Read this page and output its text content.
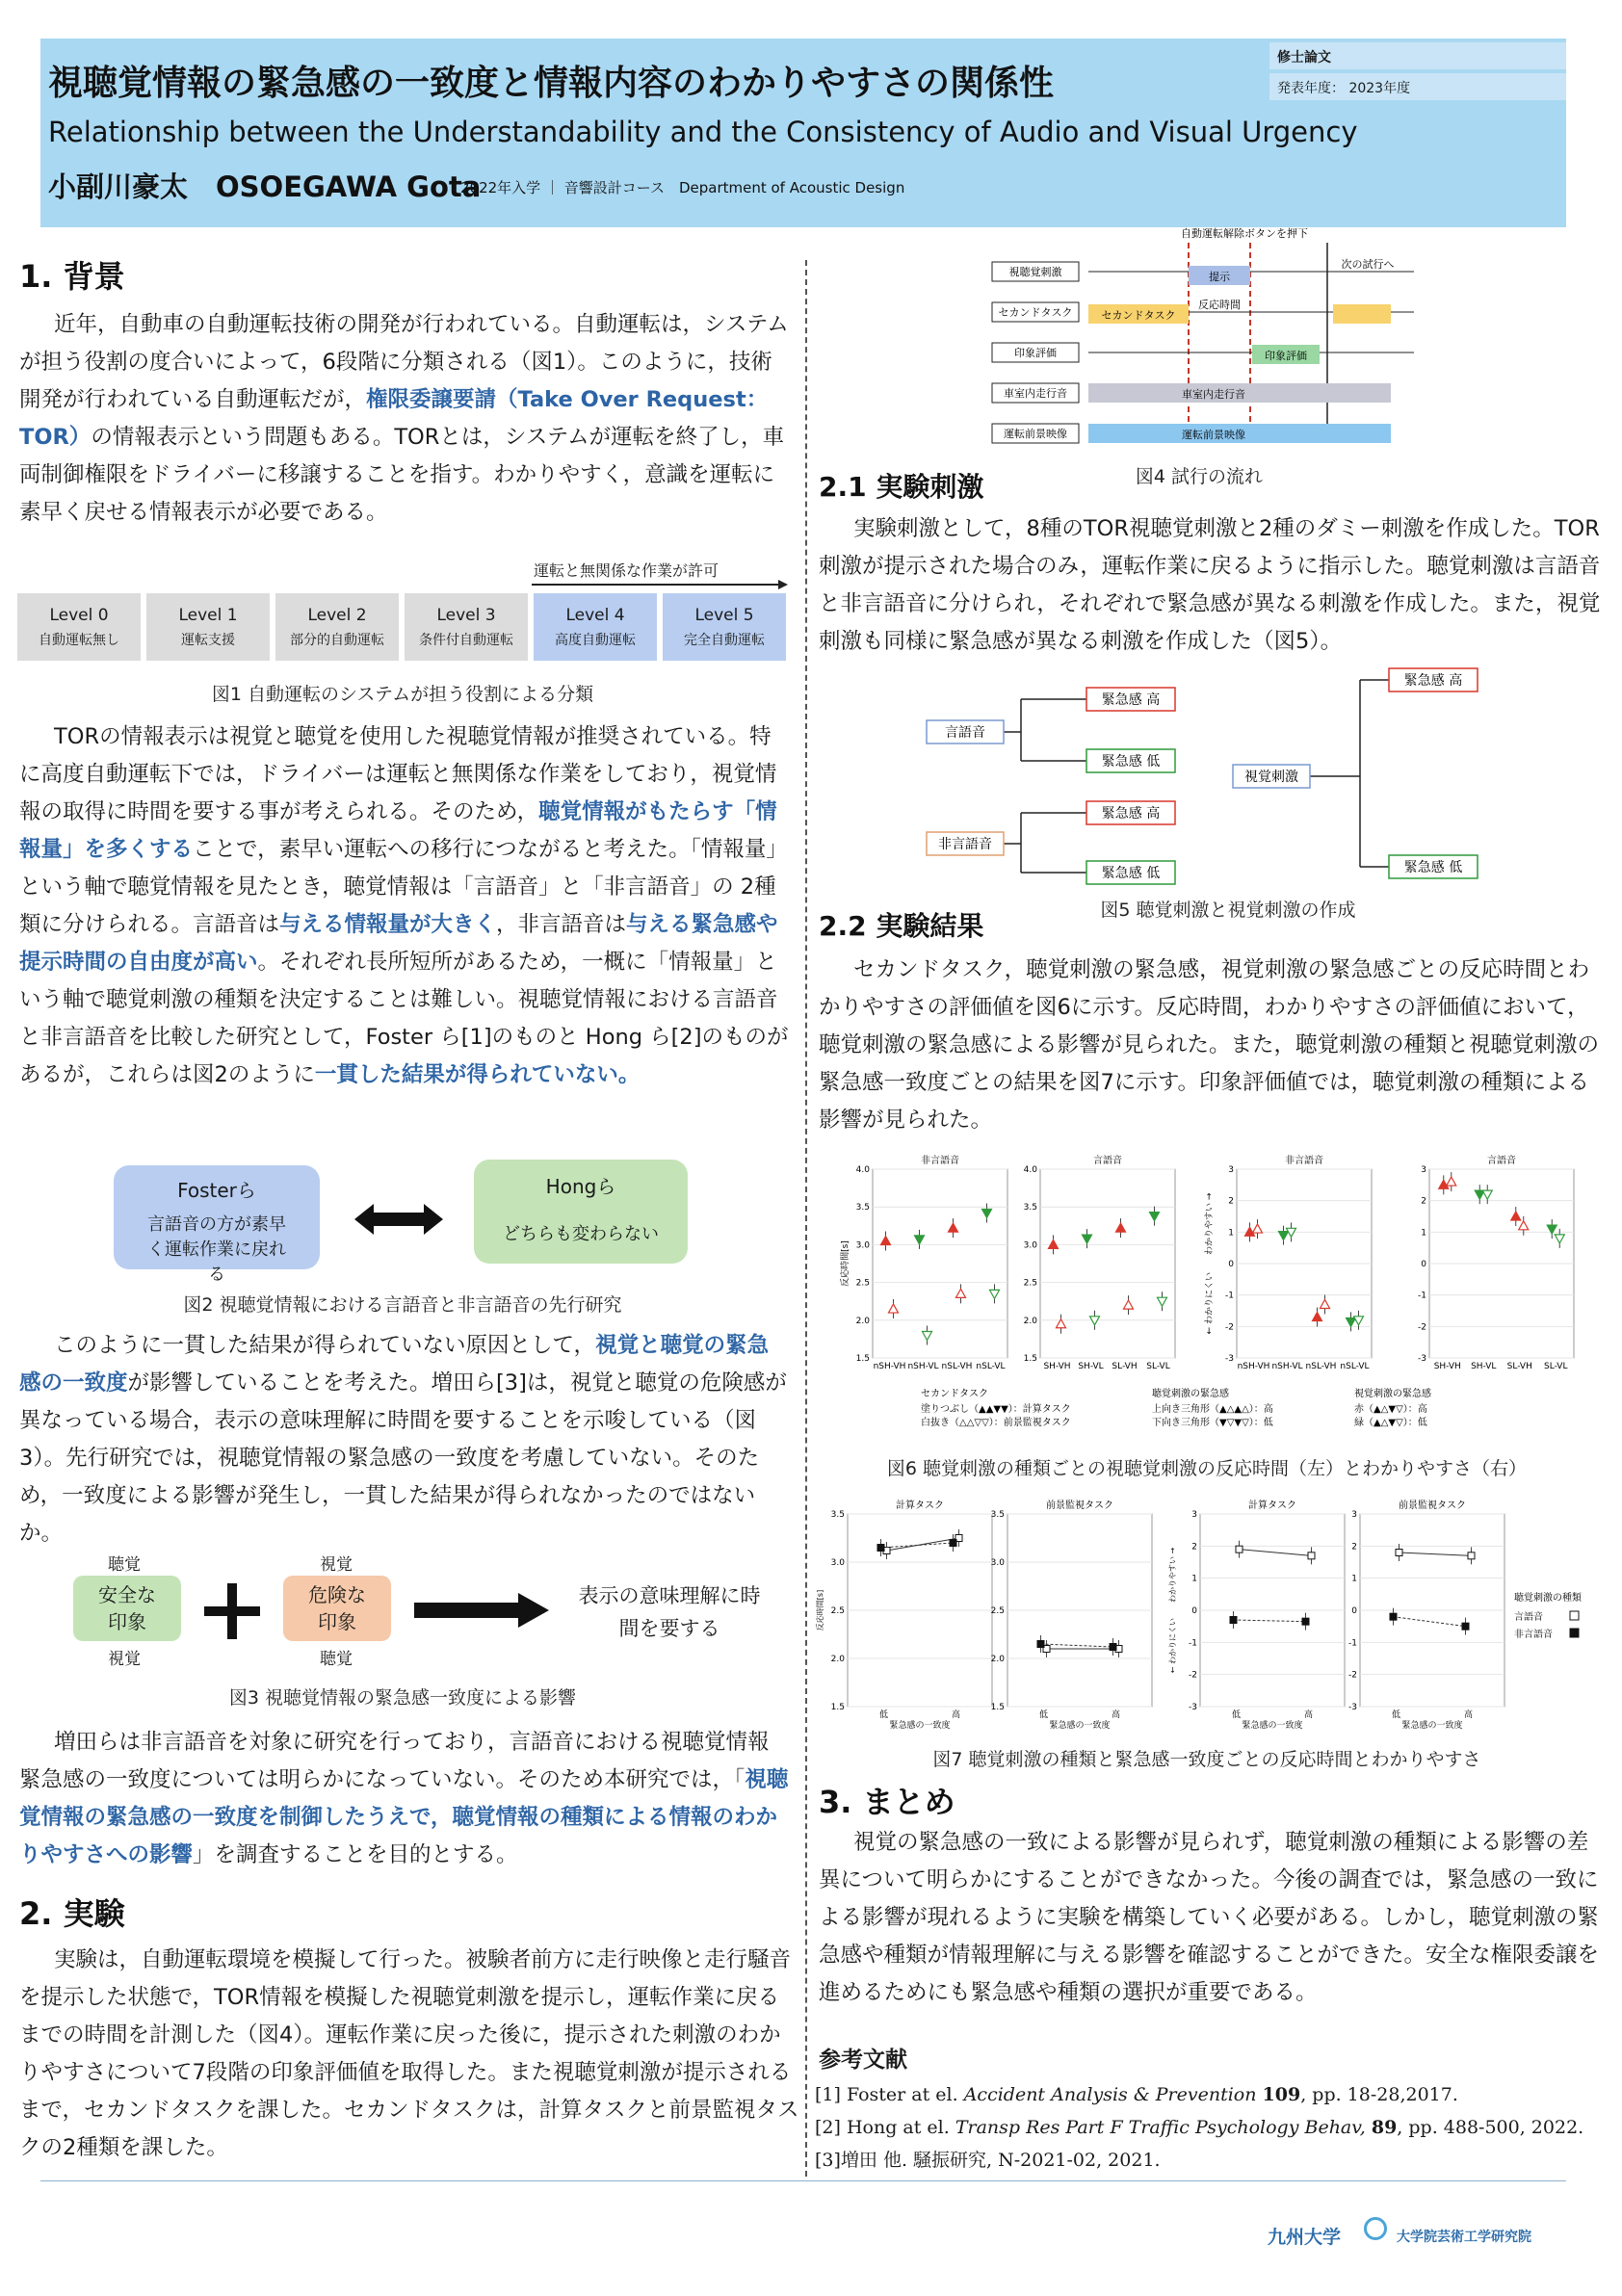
視聴覚情報の緊急感の一致度と情報内容のわかりやすさの関係性
Relationship between the Understandability and the Consistency of Audio and Visual Urgency
小副川豪太　OSOEGAWA Gota
2022年入学 ｜ 音響設計コース　Department of Acoustic Design
修士論文
発表年度： 2023年度
1. 背景
近年，自動車の自動運転技術の開発が行われている。自動運転は，システムが担う役割の度合いによって，6段階に分類される（図1）。このように，技術開発が行われている自動運転だが，権限委譲要請（Take Over Request：TOR）の情報表示という問題もある。TORとは，システムが運転を終了し，車両制御権限をドライバーに移譲することを指す。わかりやすく，意識を運転に素早く戻せる情報表示が必要である。
運転と無関係な作業が許可
Level 0
自動運転無し
Level 1
運転支援
Level 2
部分的自動運転
Level 3
条件付自動運転
Level 4
高度自動運転
Level 5
完全自動運転
図1 自動運転のシステムが担う役割による分類
TORの情報表示は視覚と聴覚を使用した視聴覚情報が推奨されている。特に高度自動運転下では，ドライバーは運転と無関係な作業をしており，視覚情報の取得に時間を要する事が考えられる。そのため，聴覚情報がもたらす「情報量」を多くすることで，素早い運転への移行につながると考えた。「情報量」という軸で聴覚情報を見たとき，聴覚情報は「言語音」と「非言語音」の 2種類に分けられる。言語音は与える情報量が大きく，非言語音は与える緊急感や提示時間の自由度が高い。それぞれ長所短所があるため，一概に「情報量」という軸で聴覚刺激の種類を決定することは難しい。視聴覚情報における言語音と非言語音を比較した研究として，Foster ら[1]のものと Hong ら[2]のものがあるが，これらは図2のように一貫した結果が得られていない。
Fosterら
言語音の方が素早く運転作業に戻れる
Hongら
どちらも変わらない
図2 視聴覚情報における言語音と非言語音の先行研究
このように一貫した結果が得られていない原因として，視覚と聴覚の緊急感の一致度が影響していることを考えた。増田ら[3]は，視覚と聴覚の危険感が異なっている場合，表示の意味理解に時間を要することを示唆している（図3）。先行研究では，視聴覚情報の緊急感の一致度を考慮していない。そのため，一致度による影響が発生し，一貫した結果が得られなかったのではないか。
聴覚
安全な印象
視覚
視覚
危険な印象
聴覚
表示の意味理解に時間を要する
図3 視聴覚情報の緊急感一致度による影響
増田らは非言語音を対象に研究を行っており，言語音における視聴覚情報緊急感の一致度については明らかになっていない。そのため本研究では，「視聴覚情報の緊急感の一致度を制御したうえで，聴覚情報の種類による情報のわかりやすさへの影響」を調査することを目的とする。
2. 実験
実験は，自動運転環境を模擬して行った。被験者前方に走行映像と走行騒音を提示した状態で，TOR情報を模擬した視聴覚刺激を提示し，運転作業に戻るまでの時間を計測した（図4）。運転作業に戻った後に，提示された刺激のわかりやすさについて7段階の印象評価値を取得した。また視聴覚刺激が提示されるまで，セカンドタスクを課した。セカンドタスクは，計算タスクと前景監視タスクの2種類を課した。
自動運転解除ボタンを押下
視聴覚刺激
セカンドタスク
印象評価
車室内走行音
運転前景映像
提示
次の試行へ
セカンドタスク
反応時間
印象評価
車室内走行音
運転前景映像
図4 試行の流れ
2.1 実験刺激
実験刺激として，8種のTOR視聴覚刺激と2種のダミー刺激を作成した。TOR刺激が提示された場合のみ，運転作業に戻るように指示した。聴覚刺激は言語音と非言語音に分けられ，それぞれで緊急感が異なる刺激を作成した。また，視覚刺激も同様に緊急感が異なる刺激を作成した（図5）。
言語音
非言語音
緊急感 高
緊急感 低
緊急感 高
緊急感 低
視覚刺激
緊急感 高
緊急感 低
図5 聴覚刺激と視覚刺激の作成
2.2 実験結果
セカンドタスク，聴覚刺激の緊急感，視覚刺激の緊急感ごとの反応時間とわかりやすさの評価値を図6に示す。反応時間，わかりやすさの評価値において，聴覚刺激の緊急感による影響が見られた。また，聴覚刺激の種類と視聴覚刺激の緊急感一致度ごとの結果を図7に示す。印象評価値では，聴覚刺激の種類による影響が見られた。
非言語音
1.5
2.0
2.5
3.0
3.5
4.0
nSH-VH nSH-VL nSL-VH nSL-VL
反応時間[s]
言語音
1.5
2.0
2.5
3.0
3.5
4.0
SH-VH SH-VL SL-VH SL-VL
非言語音
-3
-2
-1
0
1
2
3
nSH-VH nSH-VL nSL-VH nSL-VL
← わかりにくい　　わかりやすい →
言語音
-3
-2
-1
0
1
2
3
SH-VH SH-VL SL-VH SL-VL
セカンドタスク
塗りつぶし（▲▲▼▼）：計算タスク
白抜き（△△▽▽）：前景監視タスク
聴覚刺激の緊急感
上向き三角形（▲△▲△）：高
下向き三角形（▼▽▼▽）：低
視覚刺激の緊急感
赤（▲△▼▽）：高
緑（▲△▼▽）：低
図6 聴覚刺激の種類ごとの視聴覚刺激の反応時間（左）とわかりやすさ（右）
計算タスク
1.5
2.0
2.5
3.0
3.5
低	高
緊急感の一致度
反応時間[s]
前景監視タスク
1.5
2.0
2.5
3.0
3.5
低	高
緊急感の一致度
計算タスク
-3
-2
-1
0
1
2
3
低	高
緊急感の一致度
← わかりにくい　　わかりやすい →
前景監視タスク
-3
-2
-1
0
1
2
3
低	高
緊急感の一致度
聴覚刺激の種類
言語音
非言語音
図7 聴覚刺激の種類と緊急感一致度ごとの反応時間とわかりやすさ
3. まとめ
視覚の緊急感の一致による影響が見られず，聴覚刺激の種類による影響の差異について明らかにすることができなかった。今後の調査では，緊急感の一致による影響が現れるように実験を構築していく必要がある。しかし，聴覚刺激の緊急感や種類が情報理解に与える影響を確認することができた。安全な権限委譲を進めるためにも緊急感や種類の選択が重要である。
参考文献
[1] Foster at el. Accident Analysis & Prevention 109, pp. 18-28,2017.
[2] Hong at el. Transp Res Part F Traffic Psychology Behav, 89, pp. 488-500, 2022.
[3]増田 他. 騒振研究, N-2021-02, 2021.
九州大学	大学院芸術工学研究院
